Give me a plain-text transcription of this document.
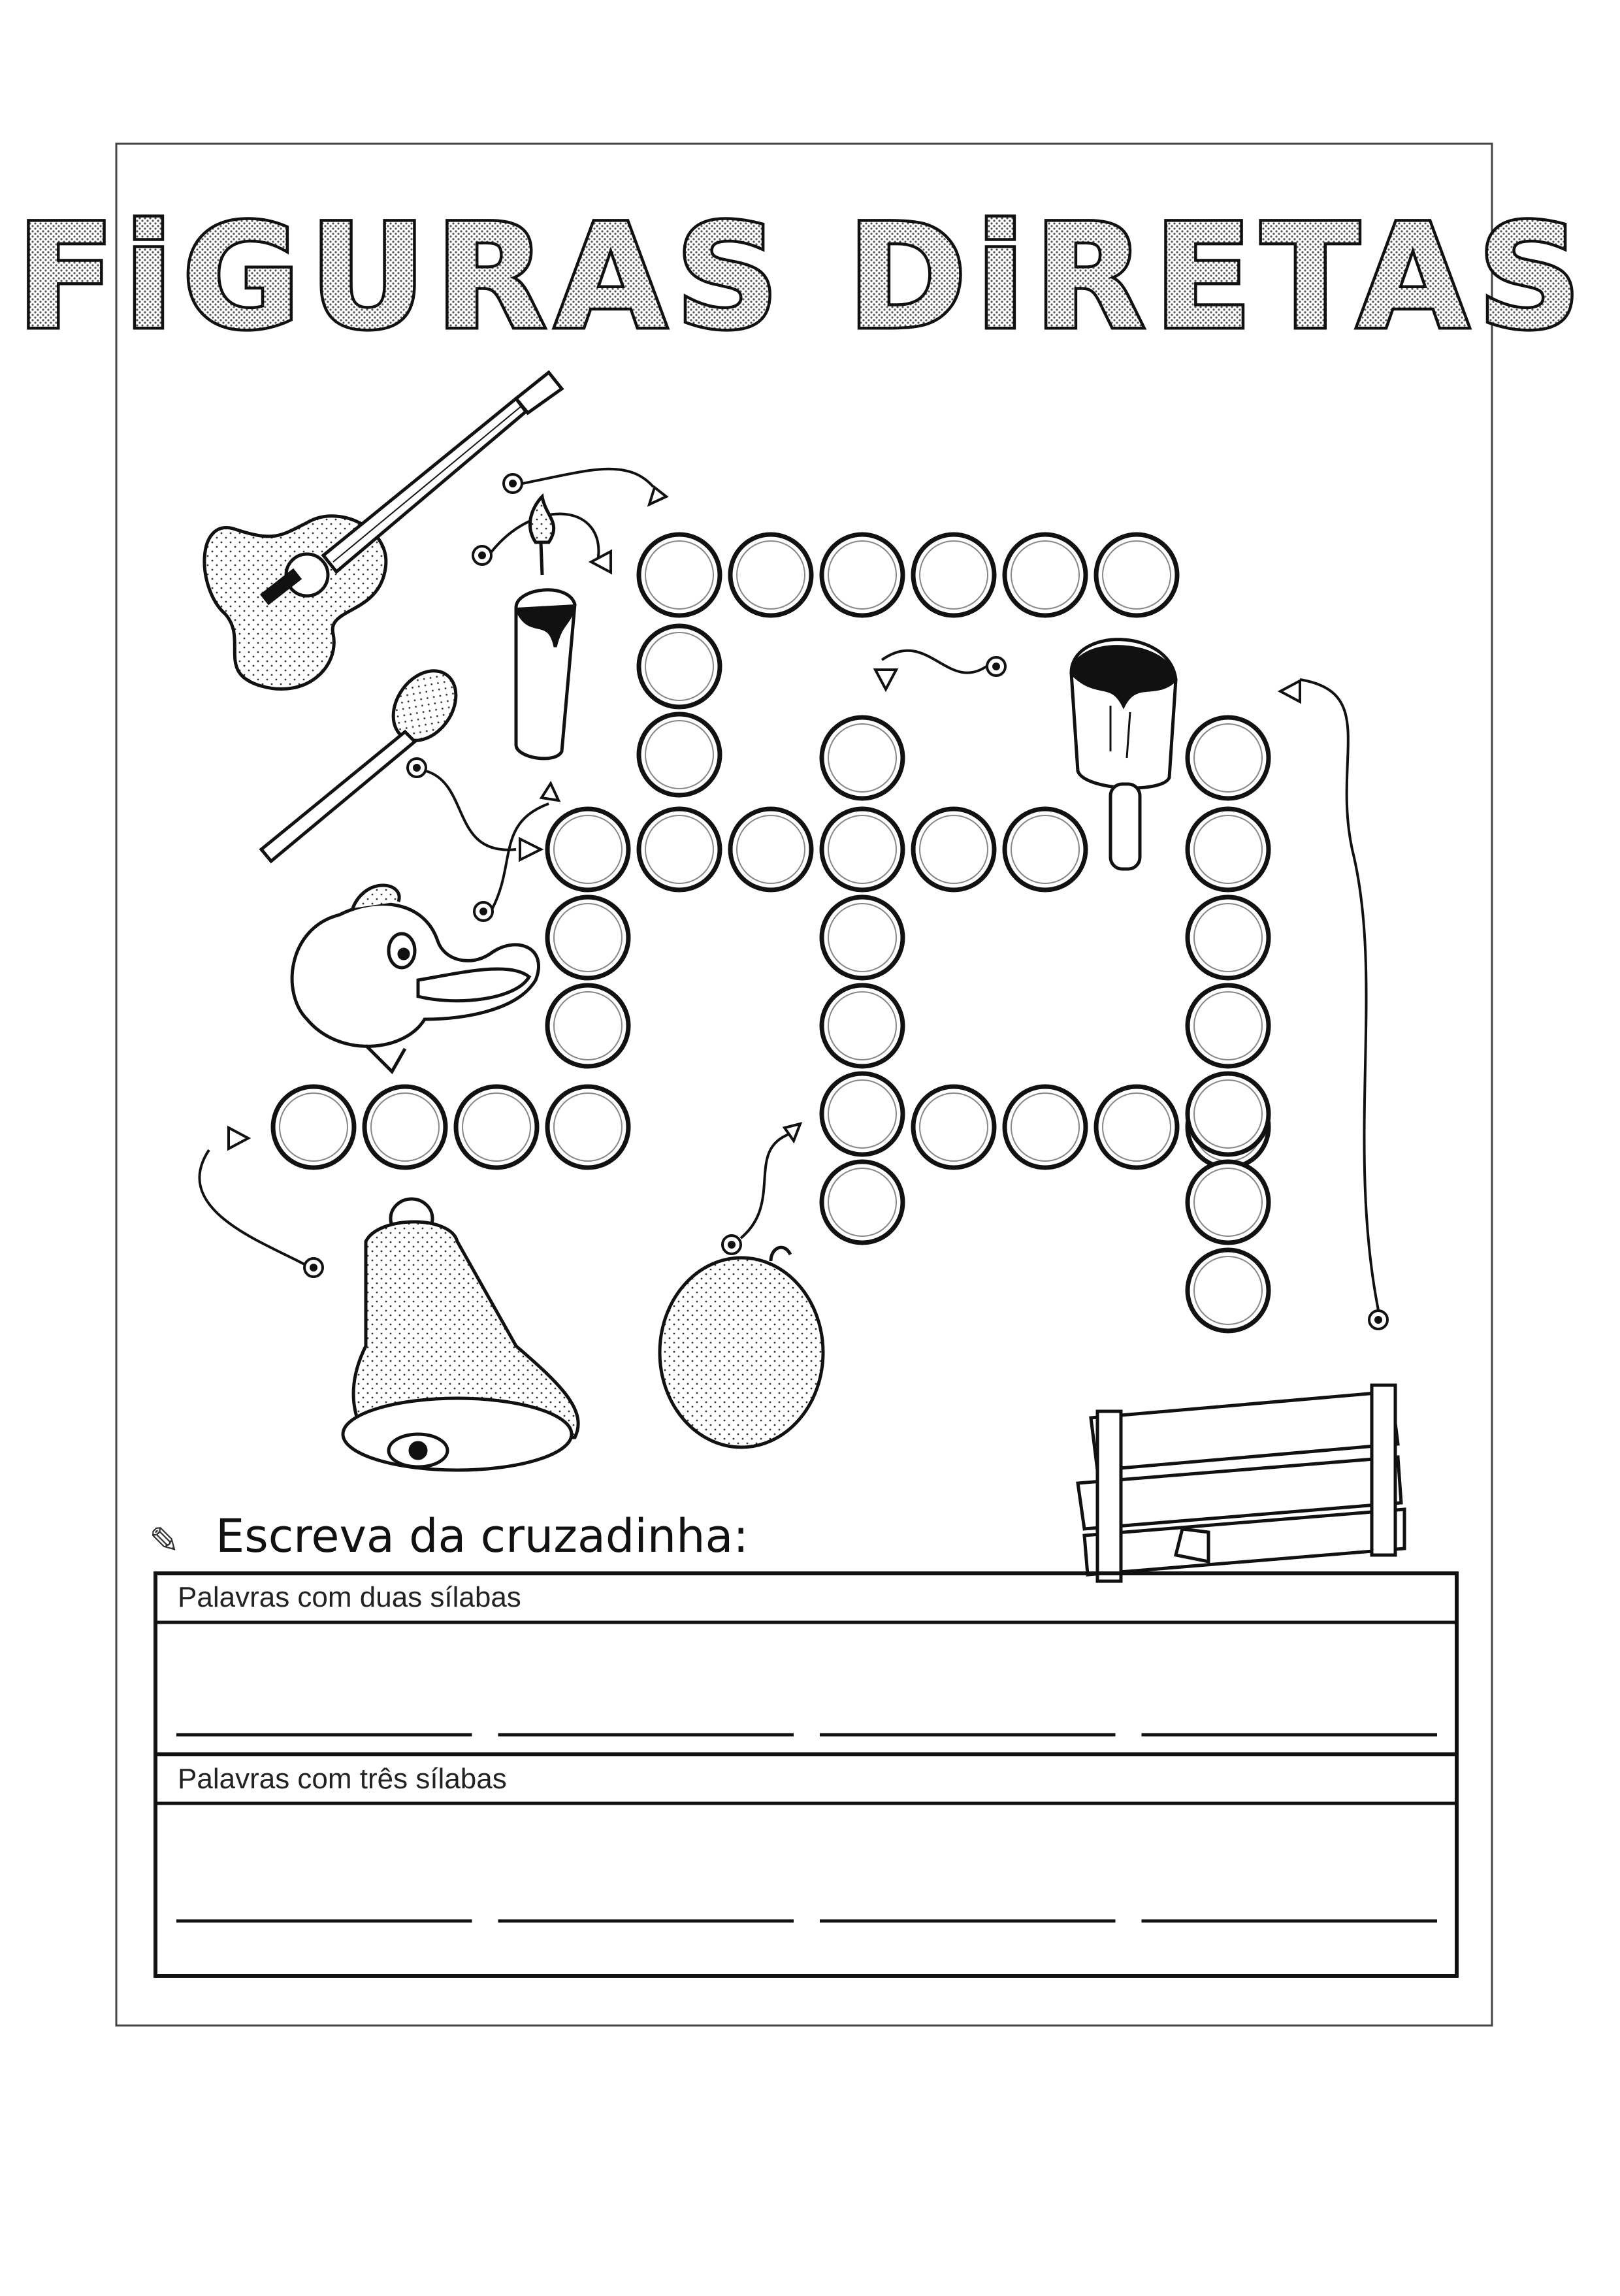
FiGURAS DiRETAS
✎ Escreva da cruzadinha:
Palavras com duas sílabas
Palavras com três sílabas
